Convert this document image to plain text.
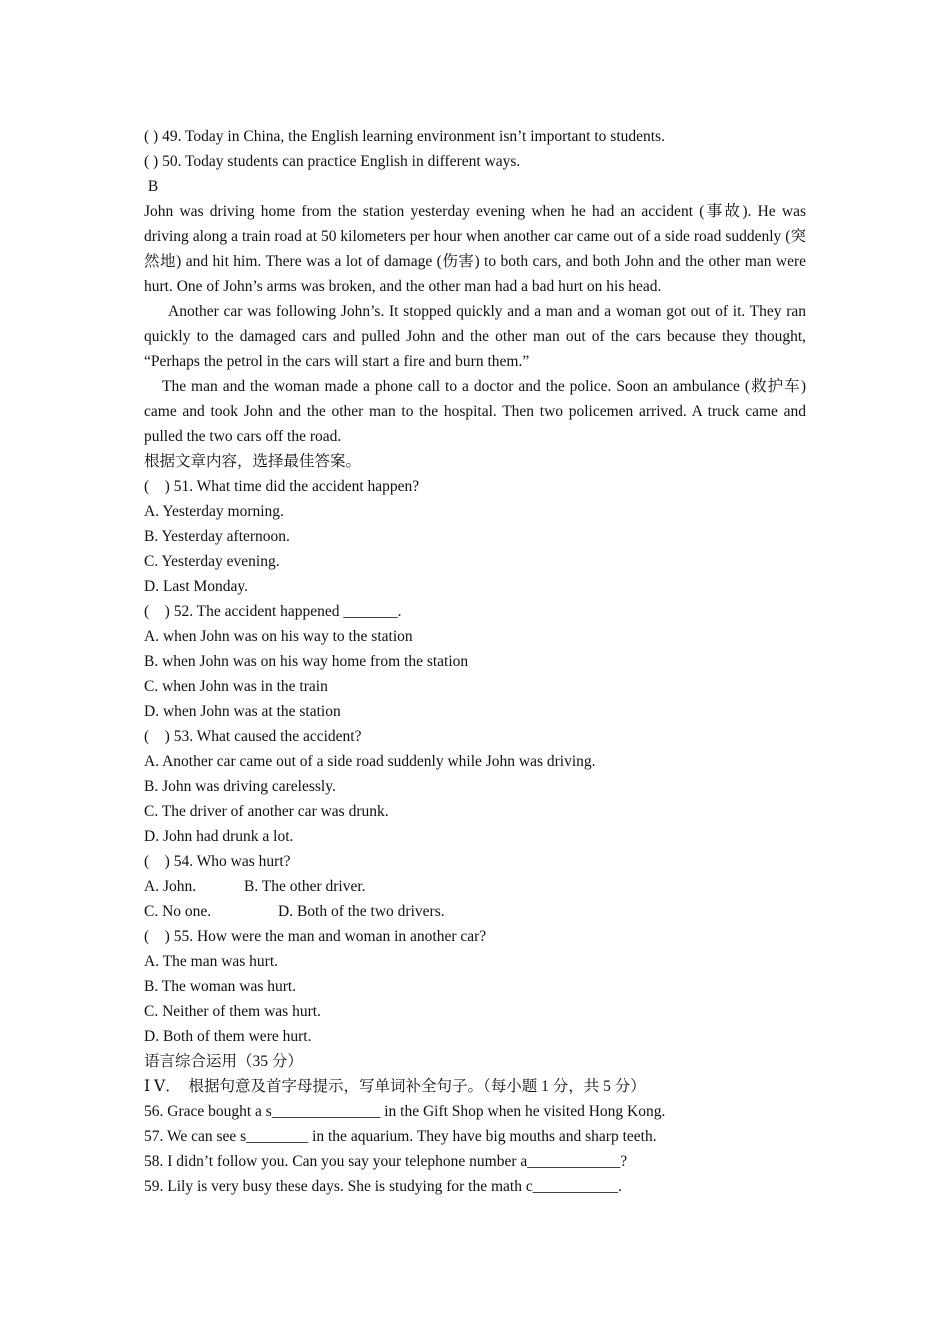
( ) 49. Today in China, the English learning environment isn’t important to students.
( ) 50. Today students can practice English in different ways.
B

John was driving home from the station yesterday evening when he had an accident (事故). He was driving along a train road at 50 kilometers per hour when another car came out of a side road suddenly (突然地) and hit him. There was a lot of damage (伤害) to both cars, and both John and the other man were hurt. One of John’s arms was broken, and the other man had a bad hurt on his head.

Another car was following John’s. It stopped quickly and a man and a woman got out of it. They ran quickly to the damaged cars and pulled John and the other man out of the cars because they thought, “Perhaps the petrol in the cars will start a fire and burn them.”

The man and the woman made a phone call to a doctor and the police. Soon an ambulance (救护车) came and took John and the other man to the hospital. Then two policemen arrived. A truck came and pulled the two cars off the road.

根据文章内容，选择最佳答案。
(    ) 51. What time did the accident happen?
A. Yesterday morning.
B. Yesterday afternoon.
C. Yesterday evening.
D. Last Monday.
(    ) 52. The accident happened _______.
A. when John was on his way to the station
B. when John was on his way home from the station
C. when John was in the train
D. when John was at the station
(    ) 53. What caused the accident?
A. Another car came out of a side road suddenly while John was driving.
B. John was driving carelessly.
C. The driver of another car was drunk.
D. John had drunk a lot.
(    ) 54. Who was hurt?
A. John.	B. The other driver.
C. No one.	D. Both of the two drivers.
(    ) 55. How were the man and woman in another car?
A. The man was hurt.
B. The woman was hurt.
C. Neither of them was hurt.
D. Both of them were hurt.
语言综合运用（35 分）
Ⅰ Ⅴ．  根据句意及首字母提示，写单词补全句子。（每小题 1 分，共 5 分）
56. Grace bought a s______________ in the Gift Shop when he visited Hong Kong.
57. We can see s________ in the aquarium. They have big mouths and sharp teeth.
58. I didn’t follow you. Can you say your telephone number a____________?
59. Lily is very busy these days. She is studying for the math c___________.
